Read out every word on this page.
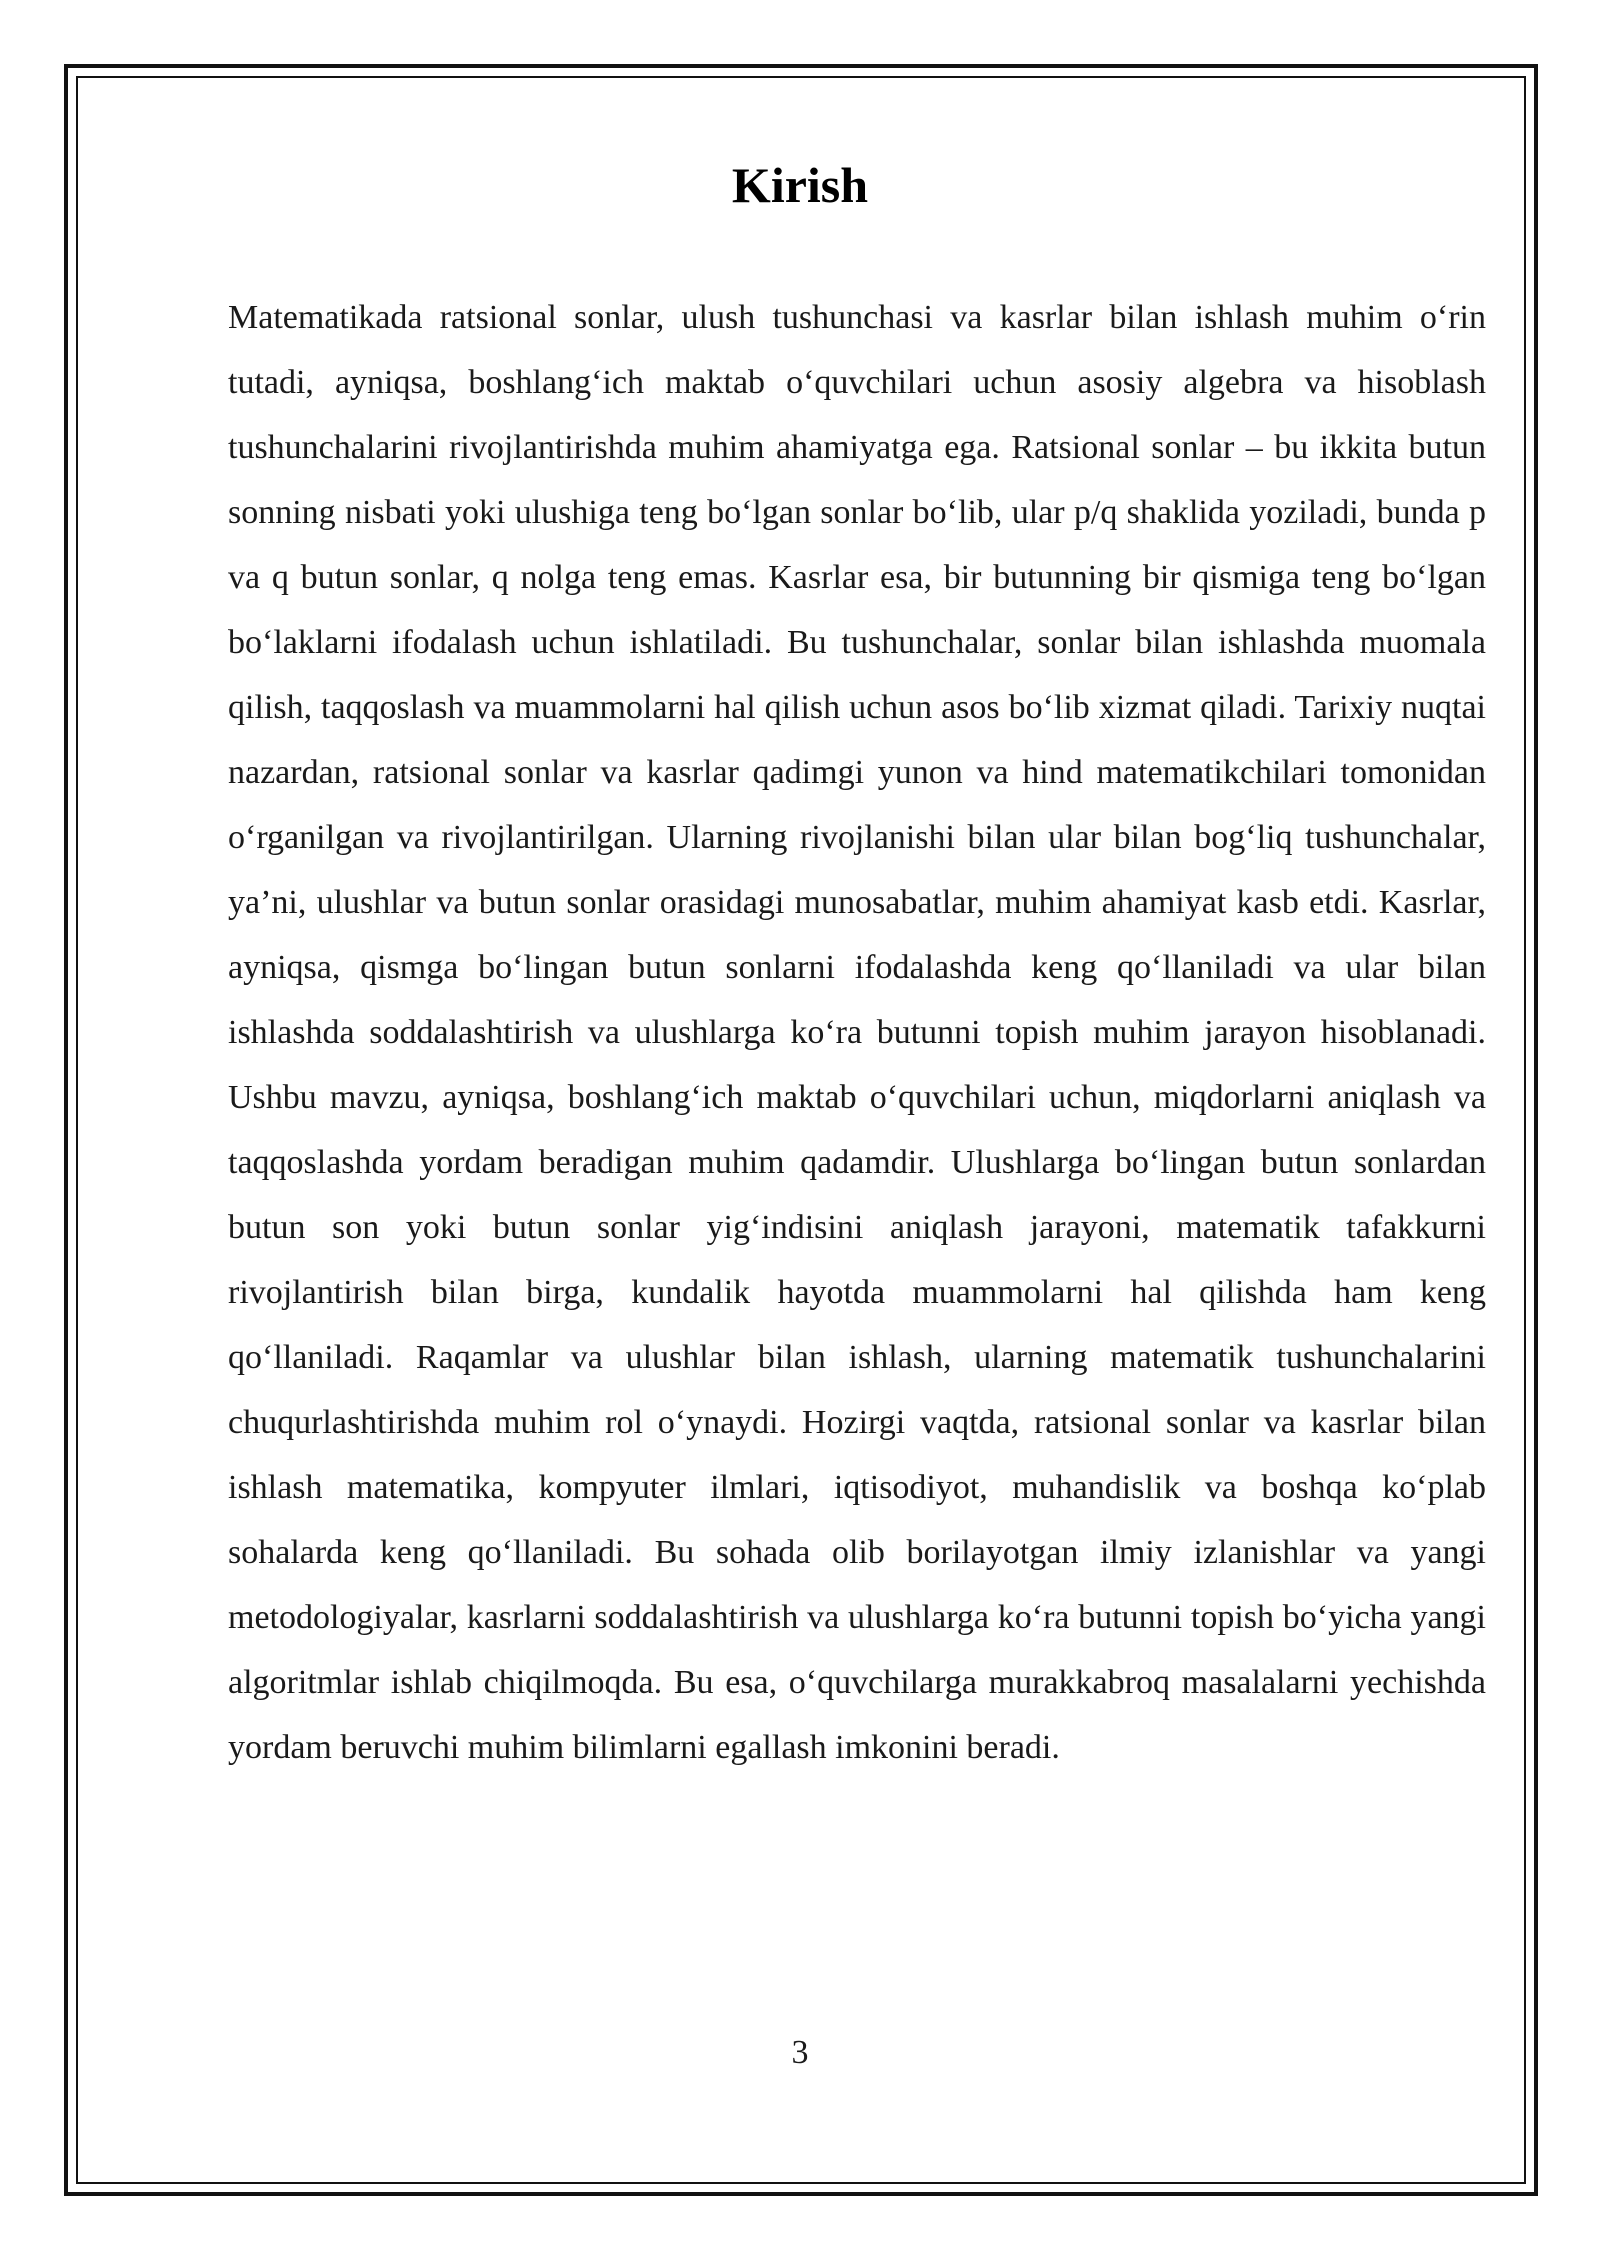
Kirish

Matematikada ratsional sonlar, ulush tushunchasi va kasrlar bilan ishlash muhim o‘rin tutadi, ayniqsa, boshlang‘ich maktab o‘quvchilari uchun asosiy algebra va hisoblash tushunchalarini rivojlantirishda muhim ahamiyatga ega. Ratsional sonlar – bu ikkita butun sonning nisbati yoki ulushiga teng bo‘lgan sonlar bo‘lib, ular p/q shaklida yoziladi, bunda p va q butun sonlar, q nolga teng emas. Kasrlar esa, bir butunning bir qismiga teng bo‘lgan bo‘laklarni ifodalash uchun ishlatiladi. Bu tushunchalar, sonlar bilan ishlashda muomala qilish, taqqoslash va muammolarni hal qilish uchun asos bo‘lib xizmat qiladi. Tarixiy nuqtai nazardan, ratsional sonlar va kasrlar qadimgi yunon va hind matematikchilari tomonidan o‘rganilgan va rivojlantirilgan. Ularning rivojlanishi bilan ular bilan bog‘liq tushunchalar, ya’ni, ulushlar va butun sonlar orasidagi munosabatlar, muhim ahamiyat kasb etdi. Kasrlar, ayniqsa, qismga bo‘lingan butun sonlarni ifodalashda keng qo‘llaniladi va ular bilan ishlashda soddalashtirish va ulushlarga ko‘ra butunni topish muhim jarayon hisoblanadi. Ushbu mavzu, ayniqsa, boshlang‘ich maktab o‘quvchilari uchun, miqdorlarni aniqlash va taqqoslashda yordam beradigan muhim qadamdir. Ulushlarga bo‘lingan butun sonlardan butun son yoki butun sonlar yig‘indisini aniqlash jarayoni, matematik tafakkurni rivojlantirish bilan birga, kundalik hayotda muammolarni hal qilishda ham keng qo‘llaniladi. Raqamlar va ulushlar bilan ishlash, ularning matematik tushunchalarini chuqurlashtirishda muhim rol o‘ynaydi. Hozirgi vaqtda, ratsional sonlar va kasrlar bilan ishlash matematika, kompyuter ilmlari, iqtisodiyot, muhandislik va boshqa ko‘plab sohalarda keng qo‘llaniladi. Bu sohada olib borilayotgan ilmiy izlanishlar va yangi metodologiyalar, kasrlarni soddalashtirish va ulushlarga ko‘ra butunni topish bo‘yicha yangi algoritmlar ishlab chiqilmoqda. Bu esa, o‘quvchilarga murakkabroq masalalarni yechishda yordam beruvchi muhim bilimlarni egallash imkonini beradi.

3
